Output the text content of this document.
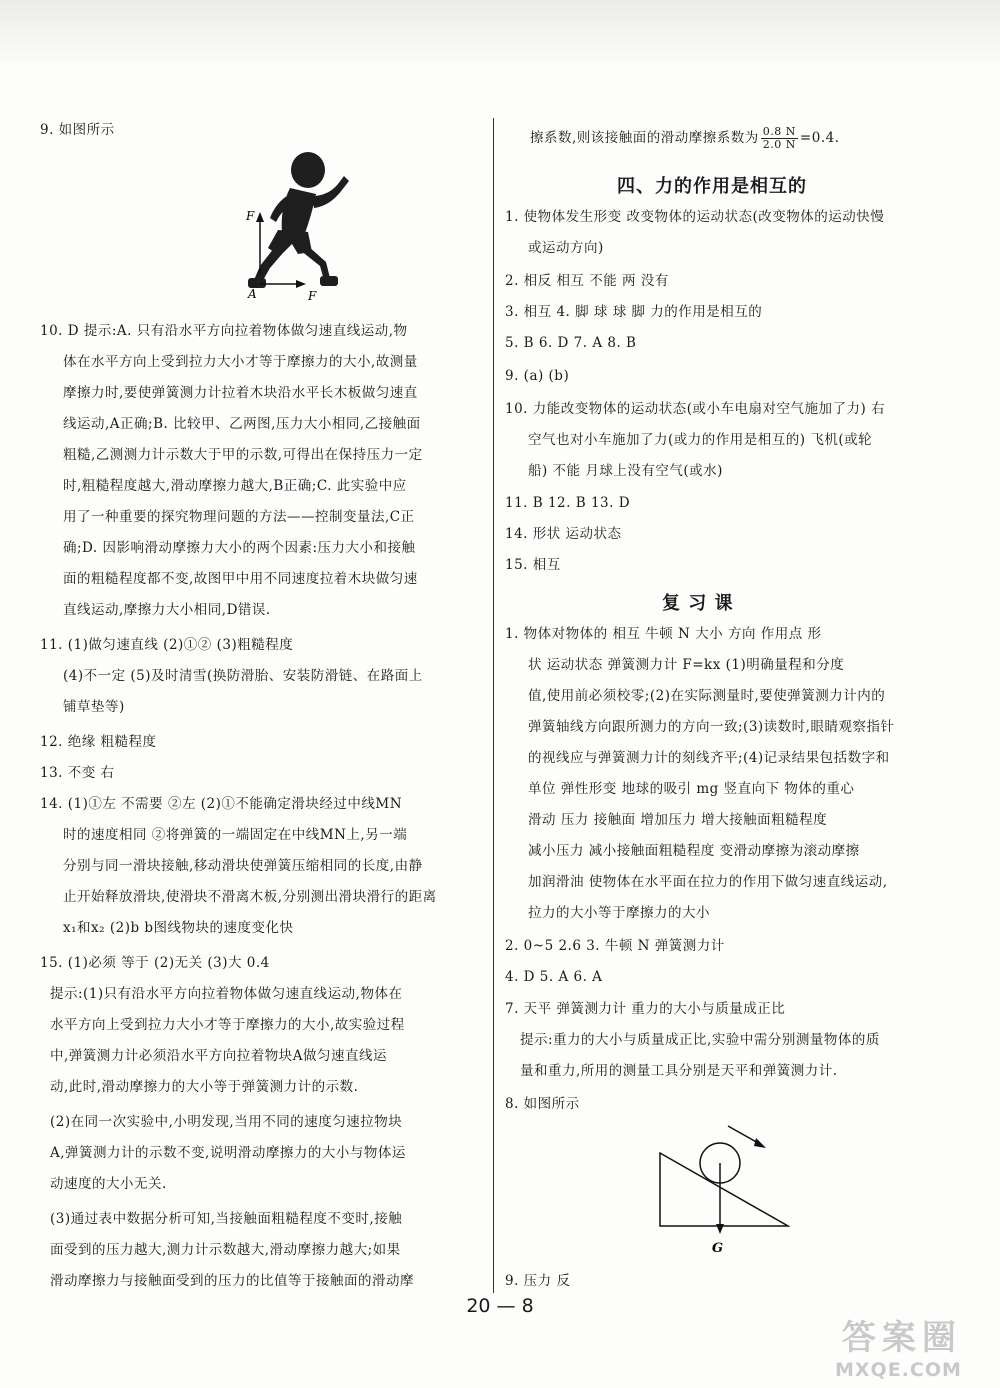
9. 如图所示
F
A	F
10. D 提示:A. 只有沿水平方向拉着物体做匀速直线运动,物
体在水平方向上受到拉力大小才等于摩擦力的大小,故测量
摩擦力时,要使弹簧测力计拉着木块沿水平长木板做匀速直
线运动,A正确;B. 比较甲、乙两图,压力大小相同,乙接触面
粗糙,乙测测力计示数大于甲的示数,可得出在保持压力一定
时,粗糙程度越大,滑动摩擦力越大,B正确;C. 此实验中应
用了一种重要的探究物理问题的方法——控制变量法,C正
确;D. 因影响滑动摩擦力大小的两个因素:压力大小和接触
面的粗糙程度都不变,故图甲中用不同速度拉着木块做匀速
直线运动,摩擦力大小相同,D错误.
11. (1)做匀速直线 (2)①② (3)粗糙程度
(4)不一定 (5)及时清雪(换防滑胎、安装防滑链、在路面上
铺草垫等)
12. 绝缘 粗糙程度
13. 不变 右
14. (1)①左 不需要 ②左 (2)①不能确定滑块经过中线MN
时的速度相同 ②将弹簧的一端固定在中线MN上,另一端
分别与同一滑块接触,移动滑块使弹簧压缩相同的长度,由静
止开始释放滑块,使滑块不滑离木板,分别测出滑块滑行的距离
x₁和x₂ (2)b b图线物块的速度变化快
15. (1)必须 等于 (2)无关 (3)大 0.4
提示:(1)只有沿水平方向拉着物体做匀速直线运动,物体在
水平方向上受到拉力大小才等于摩擦力的大小,故实验过程
中,弹簧测力计必须沿水平方向拉着物块A做匀速直线运
动,此时,滑动摩擦力的大小等于弹簧测力计的示数.
(2)在同一次实验中,小明发现,当用不同的速度匀速拉物块
A,弹簧测力计的示数不变,说明滑动摩擦力的大小与物体运
动速度的大小无关.
(3)通过表中数据分析可知,当接触面粗糙程度不变时,接触
面受到的压力越大,测力计示数越大,滑动摩擦力越大;如果
滑动摩擦力与接触面受到的压力的比值等于接触面的滑动摩
擦系数,则该接触面的滑动摩擦系数为 $\frac{0.8 N}{2.0 N} =0.4$.
四、力的作用是相互的
1. 使物体发生形变 改变物体的运动状态(改变物体的运动快慢
或运动方向)
2. 相反 相互 不能 两 没有
3. 相互 4. 脚 球 球 脚 力的作用是相互的
5. B 6. D 7. A 8. B
9. (a) (b)
10. 力能改变物体的运动状态(或小车电扇对空气施加了力) 右
空气也对小车施加了力(或力的作用是相互的) 飞机(或轮
船) 不能 月球上没有空气(或水)
11. B 12. B 13. D
14. 形状 运动状态
15. 相互
复 习 课
1. 物体对物体的 相互 牛顿 N 大小 方向 作用点 形
状 运动状态 弹簧测力计 F=kx (1)明确量程和分度
值,使用前必须校零;(2)在实际测量时,要使弹簧测力计内的
弹簧轴线方向跟所测力的方向一致;(3)读数时,眼睛观察指针
的视线应与弹簧测力计的刻线齐平;(4)记录结果包括数字和
单位 弹性形变 地球的吸引 mg 竖直向下 物体的重心
滑动 压力 接触面 增加压力 增大接触面粗糙程度
减小压力 减小接触面粗糙程度 变滑动摩擦为滚动摩擦
加润滑油 使物体在水平面在拉力的作用下做匀速直线运动,
拉力的大小等于摩擦力的大小
2. 0~5 2.6 3. 牛顿 N 弹簧测力计
4. D 5. A 6. A
7. 天平 弹簧测力计 重力的大小与质量成正比
提示:重力的大小与质量成正比,实验中需分别测量物体的质
量和重力,所用的测量工具分别是天平和弹簧测力计.
8. 如图所示
G
9. 压力 反
20 — 8
答案圈
MXQE.COM
